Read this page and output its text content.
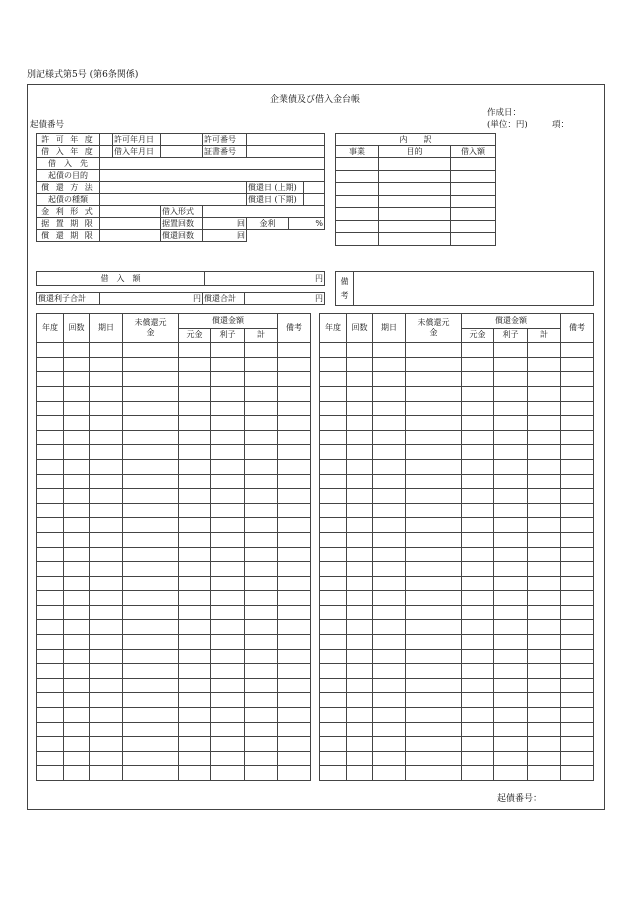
別記様式第5号 (第6条関係)
企業債及び借入金台帳
作成日：
(単位：円)	項：
起債番号
許 可 年 度		許可年月日		許可番号			
借 入 年 度		借入年月日		証書番号			
借　入　先							
起債の目的							
償 還 方 法					償還日 (上期)		
起債の種類					償還日 (下期)		
金 利 形 式			借入形式				
据 置 期 限			据置回数	回	金利	%	
償 還 期 限			償還回数	回			
内　　訳		
事業	目的	借入額

借　入　額	円
償還利子合計	円	償還合計	円
備考	
年度	回数	期日	未償還元金	償還金額			備考
				元金	利子	計	

年度	回数	期日	未償還元金	償還金額			備考
				元金	利子	計	

起債番号：
